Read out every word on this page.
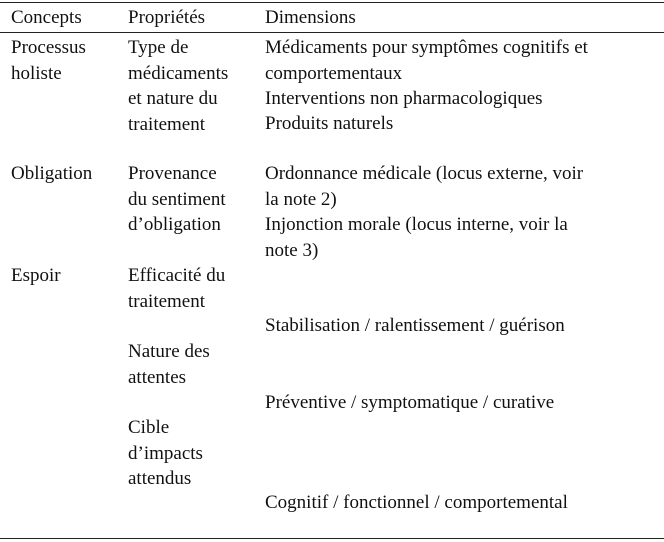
Concepts Propriétés	Dimensions
Processus
holiste
Type de
médicaments
et nature du
traitement
Médicaments pour symptômes cognitifs et
comportementaux
Interventions non pharmacologiques
Produits naturels
Obligation Provenance
du sentiment
d’obligation
Ordonnance médicale (locus externe, voir
la note 2)
Injonction morale (locus interne, voir la
note 3)
Espoir	Efficacité du
traitement
Nature des
attentes
Cible
d’impacts
attendus
Stabilisation / ralentissement / guérison
Préventive / symptomatique / curative
Cognitif / fonctionnel / comportemental
